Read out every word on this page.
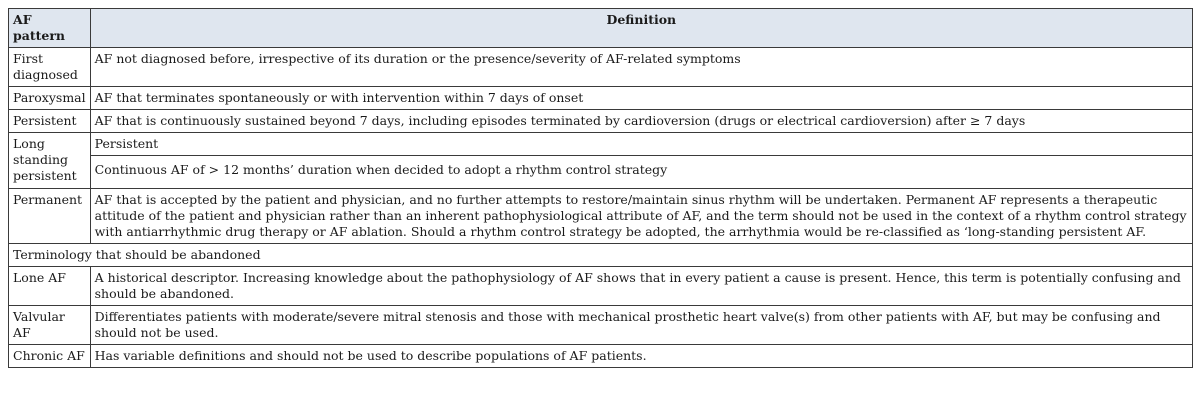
AF pattern	Definition
First diagnosed	AF not diagnosed before, irrespective of its duration or the presence/severity of AF-related symptoms
Paroxysmal	AF that terminates spontaneously or with intervention within 7 days of onset
Persistent	AF that is continuously sustained beyond 7 days, including episodes terminated by cardioversion (drugs or electrical cardioversion) after ≥ 7 days
Long standing persistent	Persistent
	Continuous AF of > 12 months’ duration when decided to adopt a rhythm control strategy
Permanent	AF that is accepted by the patient and physician, and no further attempts to restore/maintain sinus rhythm will be undertaken. Permanent AF represents a therapeutic attitude of the patient and physician rather than an inherent pathophysiological attribute of AF, and the term should not be used in the context of a rhythm control strategy with antiarrhythmic drug therapy or AF ablation. Should a rhythm control strategy be adopted, the arrhythmia would be re-classified as ‘long-standing persistent AF.
Terminology that should be abandoned	
Lone AF	A historical descriptor. Increasing knowledge about the pathophysiology of AF shows that in every patient a cause is present. Hence, this term is potentially confusing and should be abandoned.
Valvular AF	Differentiates patients with moderate/severe mitral stenosis and those with mechanical prosthetic heart valve(s) from other patients with AF, but may be confusing and should not be used.
Chronic AF	Has variable definitions and should not be used to describe populations of AF patients.
